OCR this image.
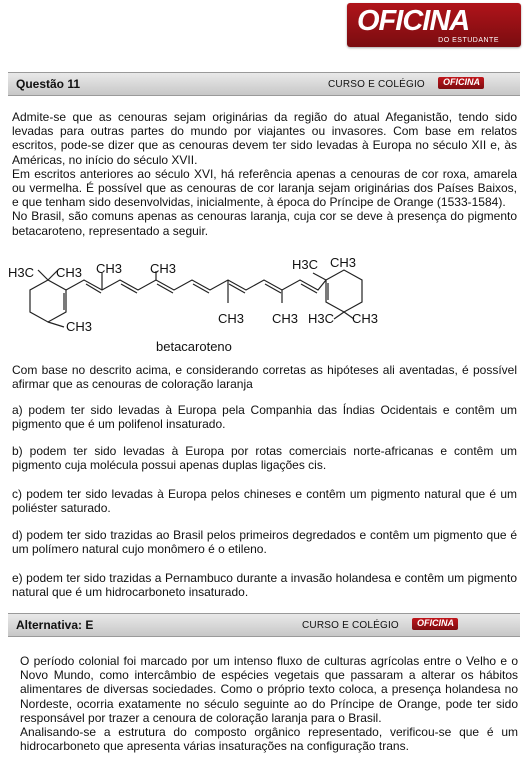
OFICINA
DO ESTUDANTE
Questão 11	CURSO E COLÉGIO OFICINA

Admite-se que as cenouras sejam originárias da região do atual Afeganistão, tendo sido levadas para outras partes do mundo por viajantes ou invasores. Com base em relatos escritos, pode-se dizer que as cenouras devem ter sido levadas à Europa no século XII e, às Américas, no início do século XVII.

Em escritos anteriores ao século XVI, há referência apenas a cenouras de cor roxa, amarela ou vermelha. É possível que as cenouras de cor laranja sejam originárias dos Países Baixos, e que tenham sido desenvolvidas, inicialmente, à época do Príncipe de Orange (1533-1584).

No Brasil, são comuns apenas as cenouras laranja, cuja cor se deve à presença do pigmento betacaroteno, representado a seguir.

H3C CH3
CH3
CH3 CH3
CH3 CH3
H3C CH3
H3C CH3
betacaroteno

Com base no descrito acima, e considerando corretas as hipóteses ali aventadas, é possível afirmar que as cenouras de coloração laranja

a) podem ter sido levadas à Europa pela Companhia das Índias Ocidentais e contêm um pigmento que é um polifenol insaturado.

b) podem ter sido levadas à Europa por rotas comerciais norte-africanas e contêm um pigmento cuja molécula possui apenas duplas ligações cis.

c) podem ter sido levadas à Europa pelos chineses e contêm um pigmento natural que é um poliéster saturado.

d) podem ter sido trazidas ao Brasil pelos primeiros degredados e contêm um pigmento que é um polímero natural cujo monômero é o etileno.

e) podem ter sido trazidas a Pernambuco durante a invasão holandesa e contêm um pigmento natural que é um hidrocarboneto insaturado.

Alternativa: E	CURSO E COLÉGIO OFICINA

O período colonial foi marcado por um intenso fluxo de culturas agrícolas entre o Velho e o Novo Mundo, como intercâmbio de espécies vegetais que passaram a alterar os hábitos alimentares de diversas sociedades. Como o próprio texto coloca, a presença holandesa no Nordeste, ocorria exatamente no século seguinte ao do Príncipe de Orange, pode ter sido responsável por trazer a cenoura de coloração laranja para o Brasil.

Analisando-se a estrutura do composto orgânico representado, verificou-se que é um hidrocarboneto que apresenta várias insaturações na configuração trans.
